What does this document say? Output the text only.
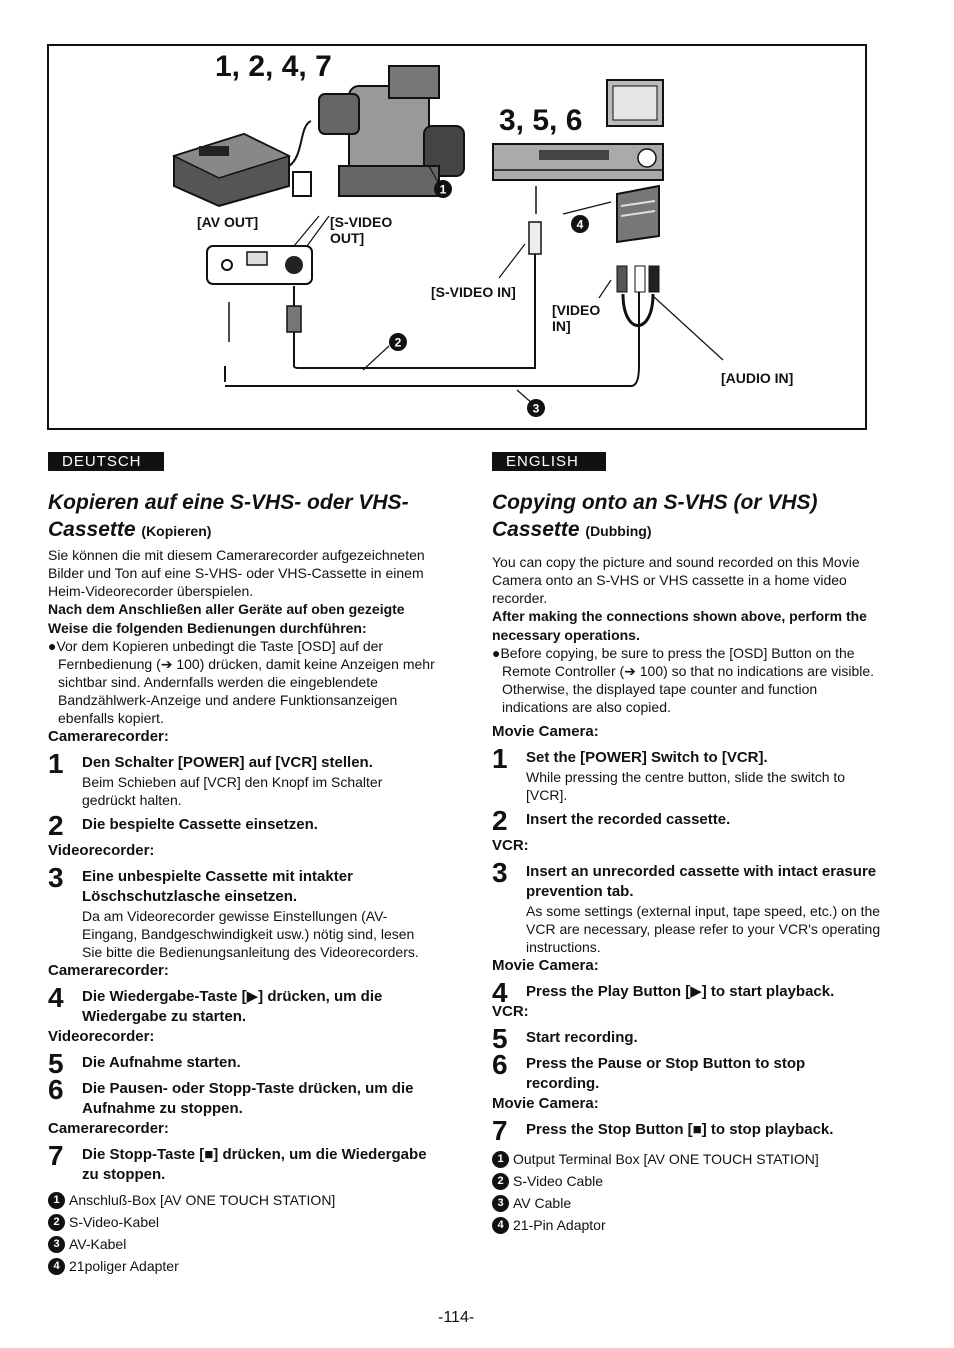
1
2
3
4
1, 2, 4, 7
3, 5, 6
[AV OUT]	[S-VIDEO OUT]
[S-VIDEO IN]
[VIDEO IN]
[AUDIO IN]
DEUTSCH
Kopieren auf eine S-VHS- oder VHS-Cassette (Kopieren)

Sie können die mit diesem Camerarecorder aufgezeichneten Bilder und Ton auf eine S-VHS- oder VHS-Cassette in einem Heim-Videorecorder überspielen.

Nach dem Anschließen aller Geräte auf oben gezeigte Weise die folgenden Bedienungen durchführen:
●Vor dem Kopieren unbedingt die Taste [OSD] auf der Fernbedienung (➔ 100) drücken, damit keine Anzeigen mehr sichtbar sind. Andernfalls werden die eingeblendete Bandzählwerk-Anzeige und andere Funktionsanzeigen ebenfalls kopiert.
Camerarecorder:
1 Den Schalter [POWER] auf [VCR] stellen.
Beim Schieben auf [VCR] den Knopf im Schalter gedrückt halten.
2 Die bespielte Cassette einsetzen.
Videorecorder:
3 Eine unbespielte Cassette mit intakter Löschschutzlasche einsetzen.
Da am Videorecorder gewisse Einstellungen (AV-Eingang, Bandgeschwindigkeit usw.) nötig sind, lesen Sie bitte die Bedienungsanleitung des Videorecorders.
Camerarecorder:
4 Die Wiedergabe-Taste [▶] drücken, um die Wiedergabe zu starten.
Videorecorder:
5 Die Aufnahme starten.
6 Die Pausen- oder Stopp-Taste drücken, um die Aufnahme zu stoppen.
Camerarecorder:
7 Die Stopp-Taste [■] drücken, um die Wiedergabe zu stoppen.
1 Anschluß-Box [AV ONE TOUCH STATION]
2 S-Video-Kabel
3 AV-Kabel
4 21poliger Adapter
ENGLISH
Copying onto an S-VHS (or VHS) Cassette (Dubbing)

You can copy the picture and sound recorded on this Movie Camera onto an S-VHS or VHS cassette in a home video recorder.

After making the connections shown above, perform the necessary operations.
●Before copying, be sure to press the [OSD] Button on the Remote Controller (➔ 100) so that no indications are visible. Otherwise, the displayed tape counter and function indications are also copied.
Movie Camera:
1 Set the [POWER] Switch to [VCR].
While pressing the centre button, slide the switch to [VCR].
2 Insert the recorded cassette.
VCR:
3 Insert an unrecorded cassette with intact erasure prevention tab.
As some settings (external input, tape speed, etc.) on the VCR are necessary, please refer to your VCR's operating instructions.
Movie Camera:
4 Press the Play Button [▶] to start playback.
VCR:
5 Start recording.
6 Press the Pause or Stop Button to stop recording.
Movie Camera:
7 Press the Stop Button [■] to stop playback.
1 Output Terminal Box [AV ONE TOUCH STATION]
2 S-Video Cable
3 AV Cable
4 21-Pin Adaptor
-114-
